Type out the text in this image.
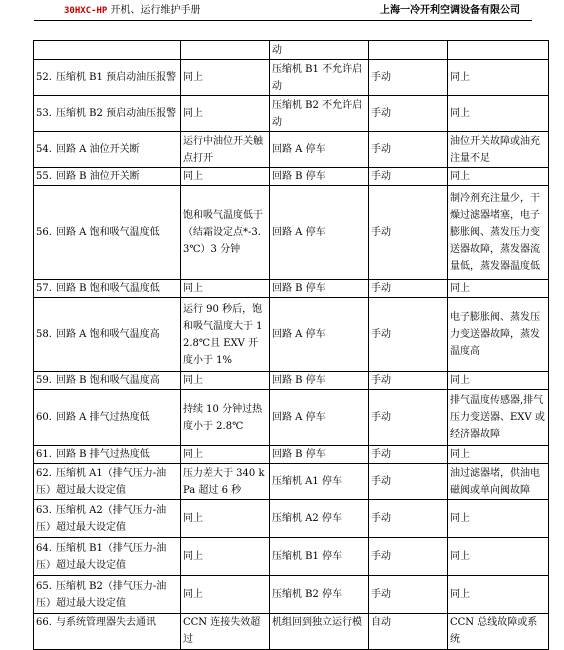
30HXC-HP 开机、运行维护手册	上海一冷开利空调设备有限公司
		动		
52. 压缩机 B1 预启动油压报警	同上	压缩机 B1 不允许启动	手动	同上
53. 压缩机 B2 预启动油压报警	同上	压缩机 B2 不允许启动	手动	同上
54. 回路 A 油位开关断	运行中油位开关触点打开	回路 A 停车	手动	油位开关故障或油充注量不足
55. 回路 B 油位开关断	同上	回路 B 停车	手动	同上
56. 回路 A 饱和吸气温度低	饱和吸气温度低于（结霜设定点*-3.3℃）3 分钟	回路 A 停车	手动	制冷剂充注量少，干燥过滤器堵塞，电子膨胀阀、蒸发压力变送器故障，蒸发器流量低，蒸发器温度低
57. 回路 B 饱和吸气温度低	同上	回路 B 停车	手动	同上
58. 回路 A 饱和吸气温度高	运行 90 秒后，饱和吸气温度大于 12.8℃且 EXV 开度小于 1%	回路 A 停车	手动	电子膨胀阀、蒸发压力变送器故障，蒸发温度高
59. 回路 B 饱和吸气温度高	同上	回路 B 停车	手动	同上
60. 回路 A 排气过热度低	持续 10 分钟过热度小于 2.8℃	回路 A 停车	手动	排气温度传感器,排气压力变送器、EXV 或经济器故障
61. 回路 B 排气过热度低	同上	回路 B 停车	手动	同上
62. 压缩机 A1（排气压力-油压）超过最大设定值	压力差大于 340 kPa 超过 6 秒	压缩机 A1 停车	手动	油过滤器堵，供油电磁阀或单向阀故障
63. 压缩机 A2（排气压力-油压）超过最大设定值	同上	压缩机 A2 停车	手动	同上
64. 压缩机 B1（排气压力-油压）超过最大设定值	同上	压缩机 B1 停车	手动	同上
65. 压缩机 B2（排气压力-油压）超过最大设定值	同上	压缩机 B2 停车	手动	同上
66. 与系统管理器失去通讯	CCN 连接失效超过	机组回到独立运行模	自动	CCN 总线故障或系统
